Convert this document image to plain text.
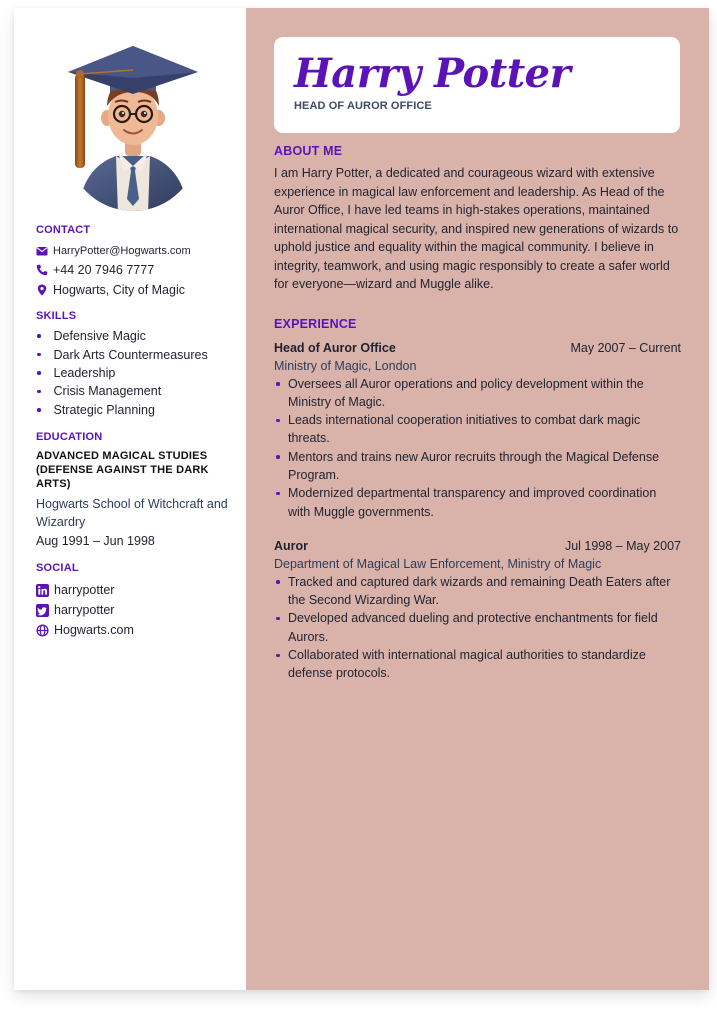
CONTACT
HarryPotter@Hogwarts.com
+44 20 7946 7777
Hogwarts, City of Magic
SKILLS
Defensive Magic
Dark Arts Countermeasures
Leadership
Crisis Management
Strategic Planning
EDUCATION
ADVANCED MAGICAL STUDIES (DEFENSE AGAINST THE DARK ARTS)
Hogwarts School of Witchcraft and Wizardry
Aug 1991 – Jun 1998
SOCIAL
harrypotter
harrypotter
Hogwarts.com
Harry Potter
HEAD OF AUROR OFFICE
ABOUT ME

I am Harry Potter, a dedicated and courageous wizard with extensive experience in magical law enforcement and leadership. As Head of the Auror Office, I have led teams in high-stakes operations, maintained international magical security, and inspired new generations of wizards to uphold justice and equality within the magical community. I believe in integrity, teamwork, and using magic responsibly to create a safer world for everyone—wizard and Muggle alike.

EXPERIENCE
Head of Auror Office	May 2007 – Current
Ministry of Magic, London
Oversees all Auror operations and policy development within the Ministry of Magic.
Leads international cooperation initiatives to combat dark magic threats.
Mentors and trains new Auror recruits through the Magical Defense Program.
Modernized departmental transparency and improved coordination with Muggle governments.
Auror	Jul 1998 – May 2007
Department of Magical Law Enforcement, Ministry of Magic
Tracked and captured dark wizards and remaining Death Eaters after the Second Wizarding War.
Developed advanced dueling and protective enchantments for field Aurors.
Collaborated with international magical authorities to standardize defense protocols.
